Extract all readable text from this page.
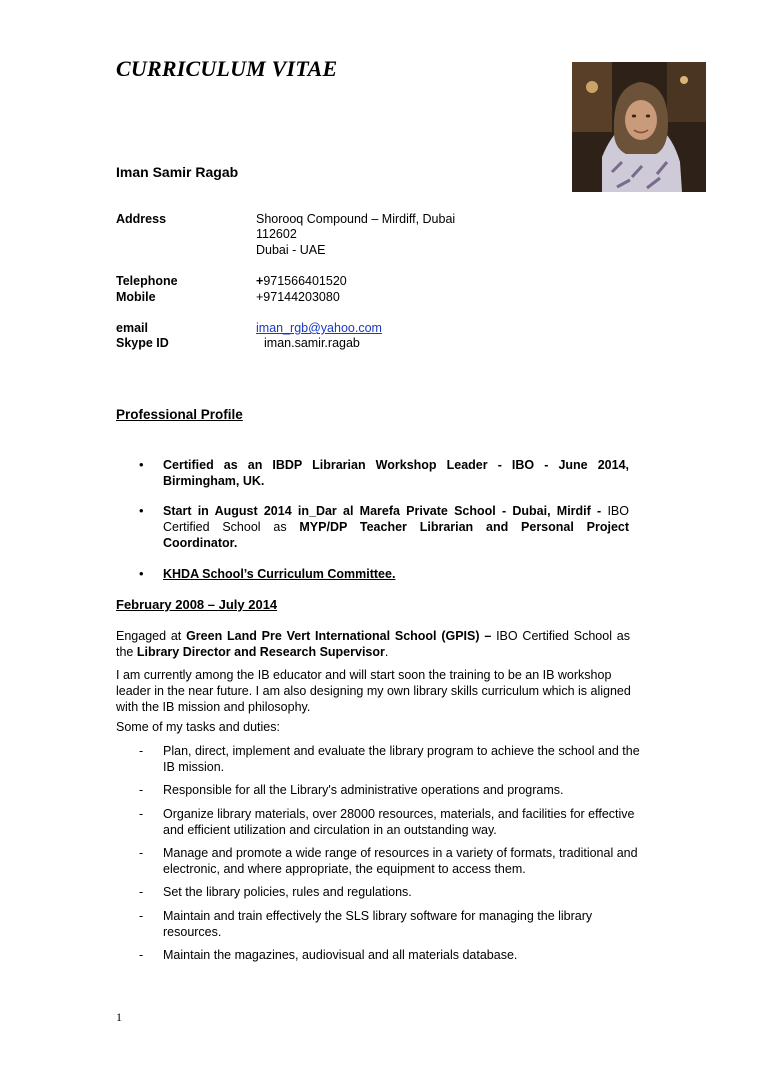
CURRICULUM VITAE
Iman Samir Ragab
Address	Shorooq Compound – Mirdiff, Dubai
112602
Dubai - UAE
Telephone	+971566401520
Mobile	+97144203080
email	iman_rgb@yahoo.com
Skype ID	iman.samir.ragab
Professional Profile
• Certified as an IBDP Librarian Workshop Leader - IBO - June 2014, Birmingham, UK.
• Start in August 2014 in_Dar al Marefa Private School - Dubai, Mirdif - IBO Certified School as MYP/DP Teacher Librarian and Personal Project Coordinator.
• KHDA School’s Curriculum Committee.
February 2008 – July 2014
Engaged at Green Land Pre Vert International School (GPIS) – IBO Certified School as the Library Director and Research Supervisor.
I am currently among the IB educator and will start soon the training to be an IB workshop leader in the near future. I am also designing my own library skills curriculum which is aligned with the IB mission and philosophy.
Some of my tasks and duties:
- Plan, direct, implement and evaluate the library program to achieve the school and the IB mission.
- Responsible for all the Library's administrative operations and programs.
- Organize library materials, over 28000 resources, materials, and facilities for effective and efficient utilization and circulation in an outstanding way.
- Manage and promote a wide range of resources in a variety of formats, traditional and electronic, and where appropriate, the equipment to access them.
- Set the library policies, rules and regulations.
- Maintain and train effectively the SLS library software for managing the library resources.
- Maintain the magazines, audiovisual and all materials database.
1
